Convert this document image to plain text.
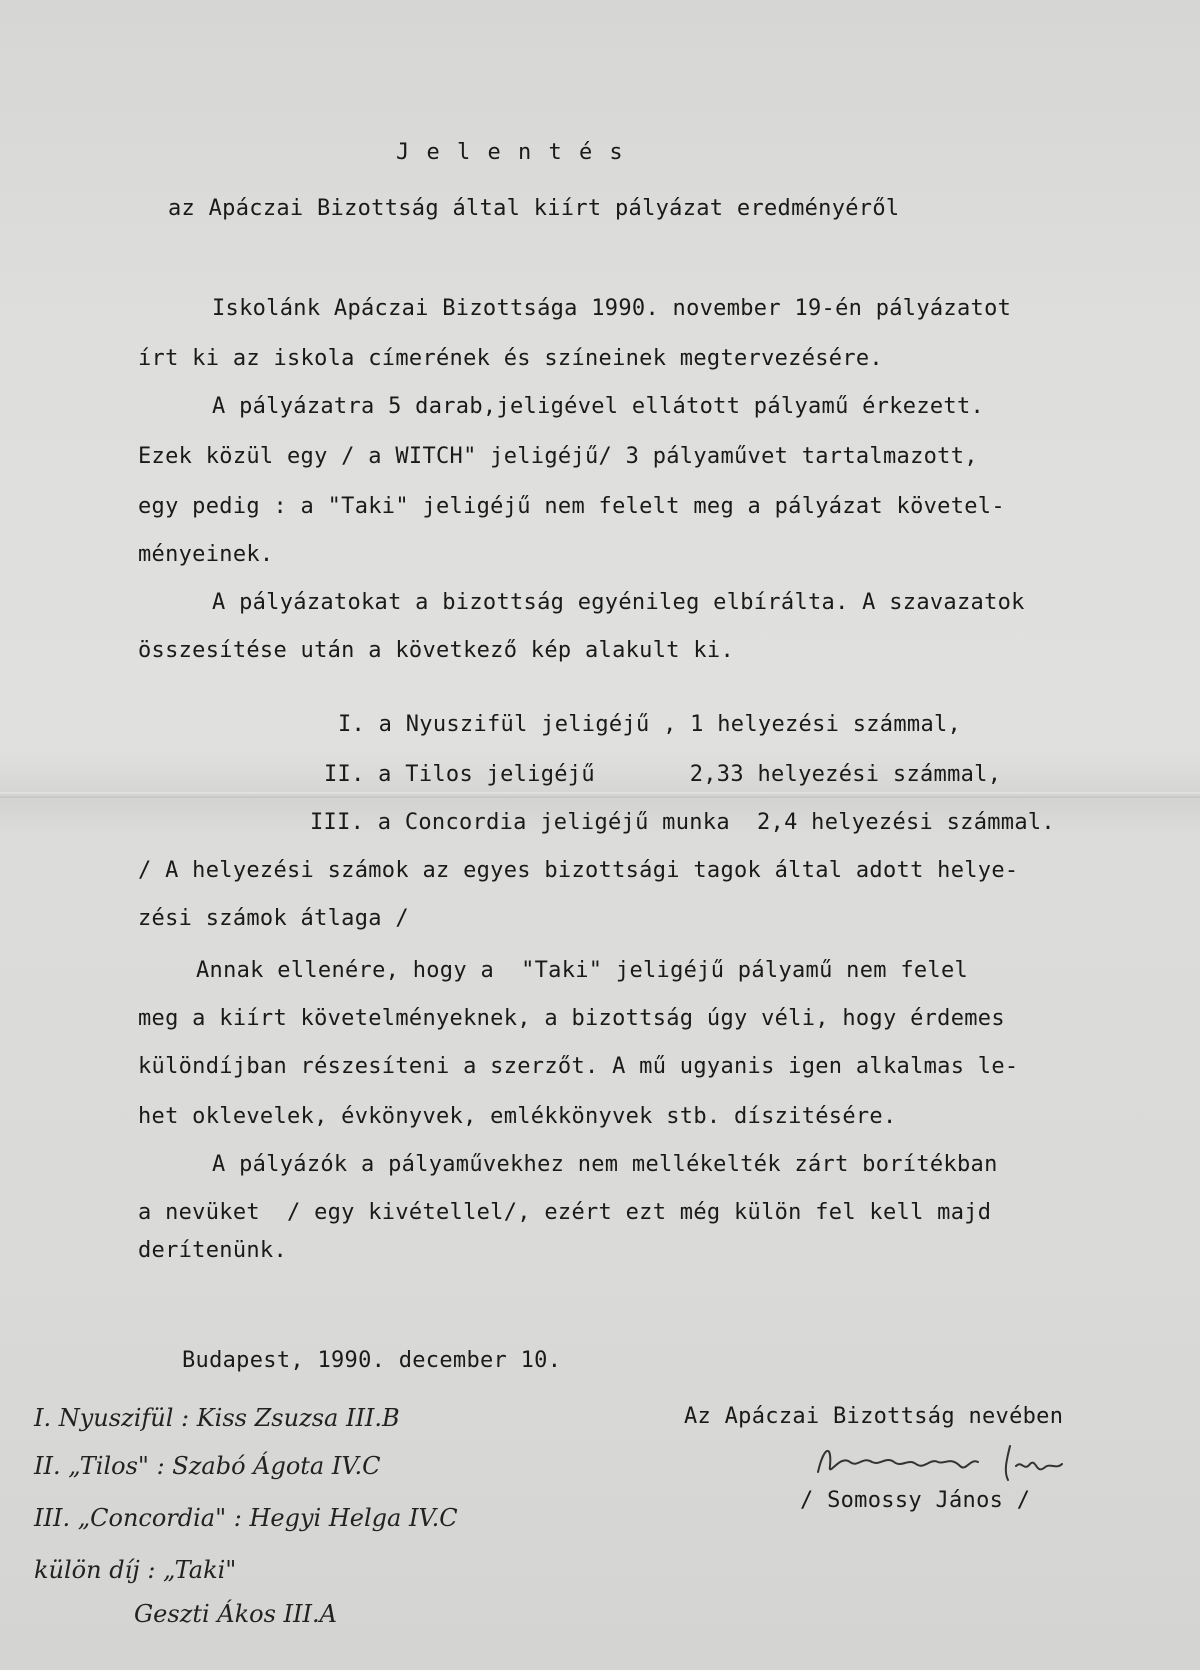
J e l e n t é s
az Apáczai Bizottság által kiírt pályázat eredményéről
Iskolánk Apáczai Bizottsága 1990. november 19-én pályázatot
írt ki az iskola címerének és színeinek megtervezésére.
A pályázatra 5 darab,jeligével ellátott pályamű érkezett.
Ezek közül egy / a WITCH" jeligéjű/ 3 pályaművet tartalmazott,
egy pedig : a "Taki" jeligéjű nem felelt meg a pályázat követel-
ményeinek.
A pályázatokat a bizottság egyénileg elbírálta. A szavazatok
összesítése után a következő kép alakult ki.
I. a Nyuszifül jeligéjű , 1 helyezési számmal,
II. a Tilos jeligéjű       2,33 helyezési számmal,
III. a Concordia jeligéjű munka  2,4 helyezési számmal.
/ A helyezési számok az egyes bizottsági tagok által adott helye-
zési számok átlaga /
Annak ellenére, hogy a  "Taki" jeligéjű pályamű nem felel
meg a kiírt követelményeknek, a bizottság úgy véli, hogy érdemes
különdíjban részesíteni a szerzőt. A mű ugyanis igen alkalmas le-
het oklevelek, évkönyvek, emlékkönyvek stb. díszitésére.
A pályázók a pályaművekhez nem mellékelték zárt borítékban
a nevüket  / egy kivétellel/, ezért ezt még külön fel kell majd
derítenünk.
Budapest, 1990. december 10.
Az Apáczai Bizottság nevében
/ Somossy János /
I. Nyuszifül : Kiss Zsuzsa III.B
II. „Tilos" : Szabó Ágota IV.C
III. „Concordia" : Hegyi Helga IV.C
külön díj : „Taki"
Geszti Ákos III.A
